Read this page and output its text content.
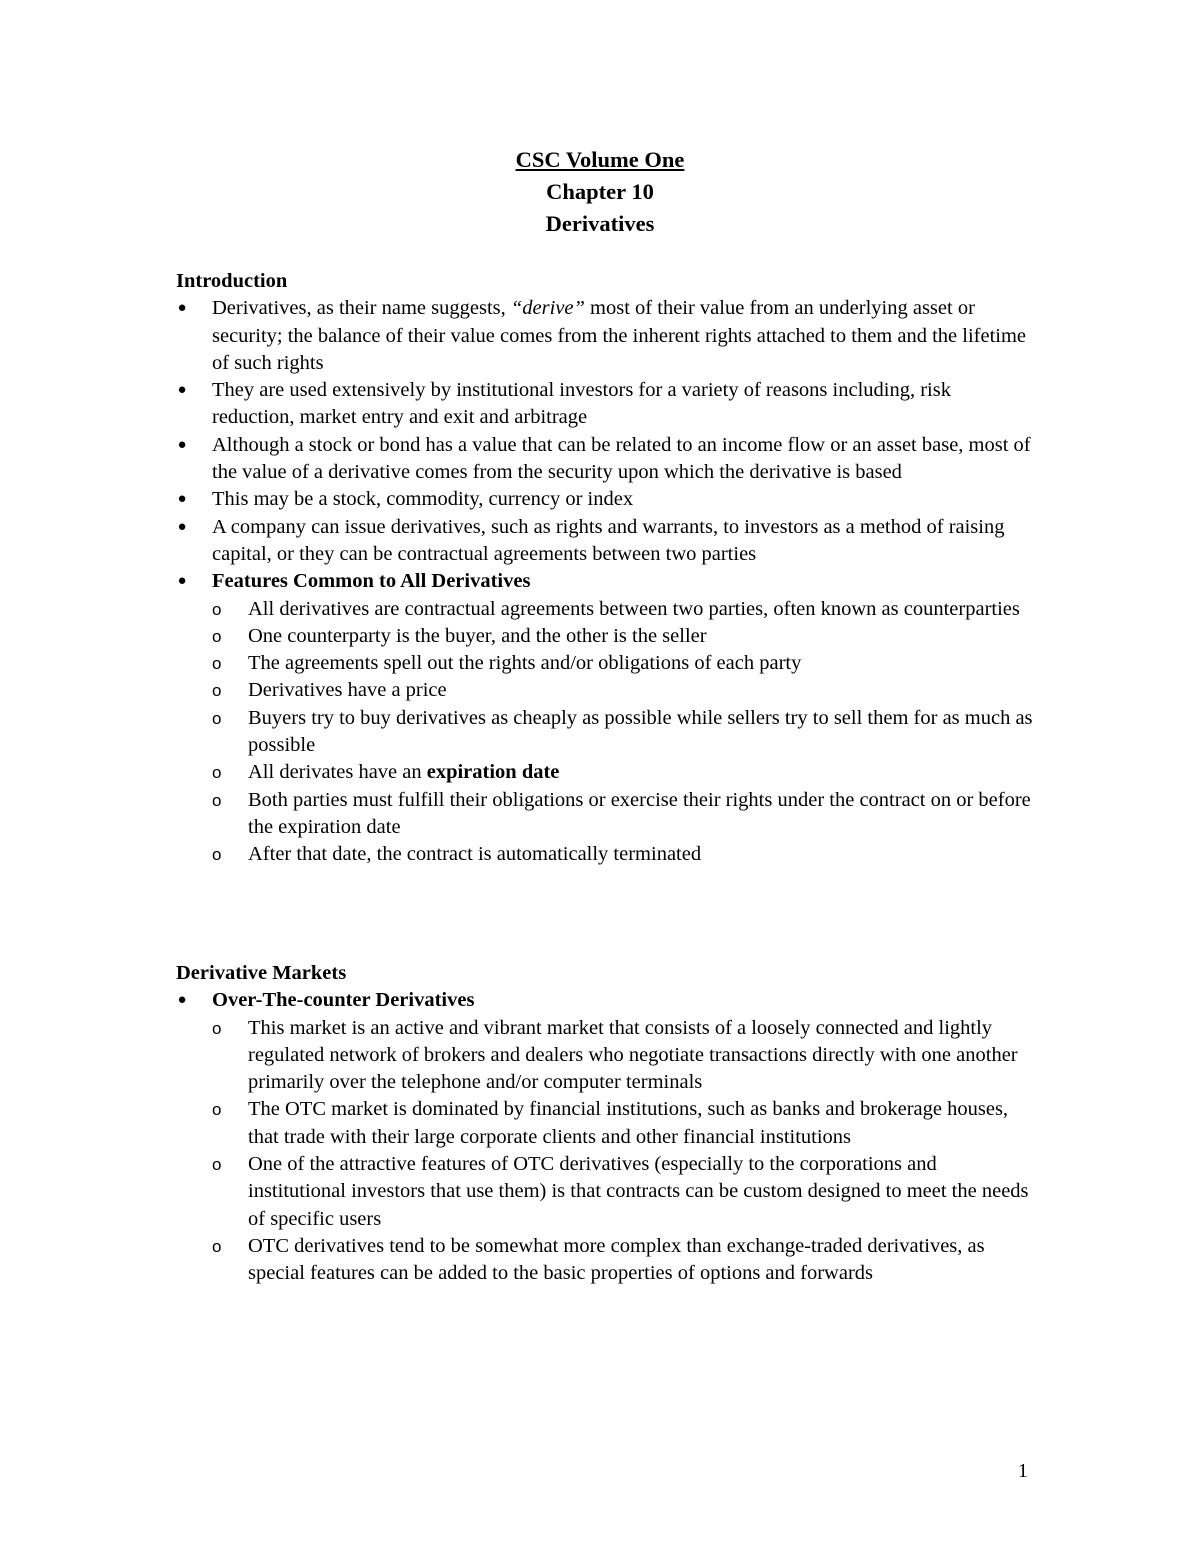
CSC Volume One
Chapter 10
Derivatives
Introduction
● Derivatives, as their name suggests, “derive” most of their value from an underlying asset or security; the balance of their value comes from the inherent rights attached to them and the lifetime of such rights
● They are used extensively by institutional investors for a variety of reasons including, risk reduction, market entry and exit and arbitrage
● Although a stock or bond has a value that can be related to an income flow or an asset base, most of the value of a derivative comes from the security upon which the derivative is based
● This may be a stock, commodity, currency or index
● A company can issue derivatives, such as rights and warrants, to investors as a method of raising capital, or they can be contractual agreements between two parties
● Features Common to All Derivatives
o All derivatives are contractual agreements between two parties, often known as counterparties
o One counterparty is the buyer, and the other is the seller
o The agreements spell out the rights and/or obligations of each party
o Derivatives have a price
o Buyers try to buy derivatives as cheaply as possible while sellers try to sell them for as much as possible
o All derivates have an expiration date
o Both parties must fulfill their obligations or exercise their rights under the contract on or before the expiration date
o After that date, the contract is automatically terminated
Derivative Markets
● Over-The-counter Derivatives
o This market is an active and vibrant market that consists of a loosely connected and lightly regulated network of brokers and dealers who negotiate transactions directly with one another primarily over the telephone and/or computer terminals
o The OTC market is dominated by financial institutions, such as banks and brokerage houses, that trade with their large corporate clients and other financial institutions
o One of the attractive features of OTC derivatives (especially to the corporations and institutional investors that use them) is that contracts can be custom designed to meet the needs of specific users
o OTC derivatives tend to be somewhat more complex than exchange-traded derivatives, as special features can be added to the basic properties of options and forwards
1
